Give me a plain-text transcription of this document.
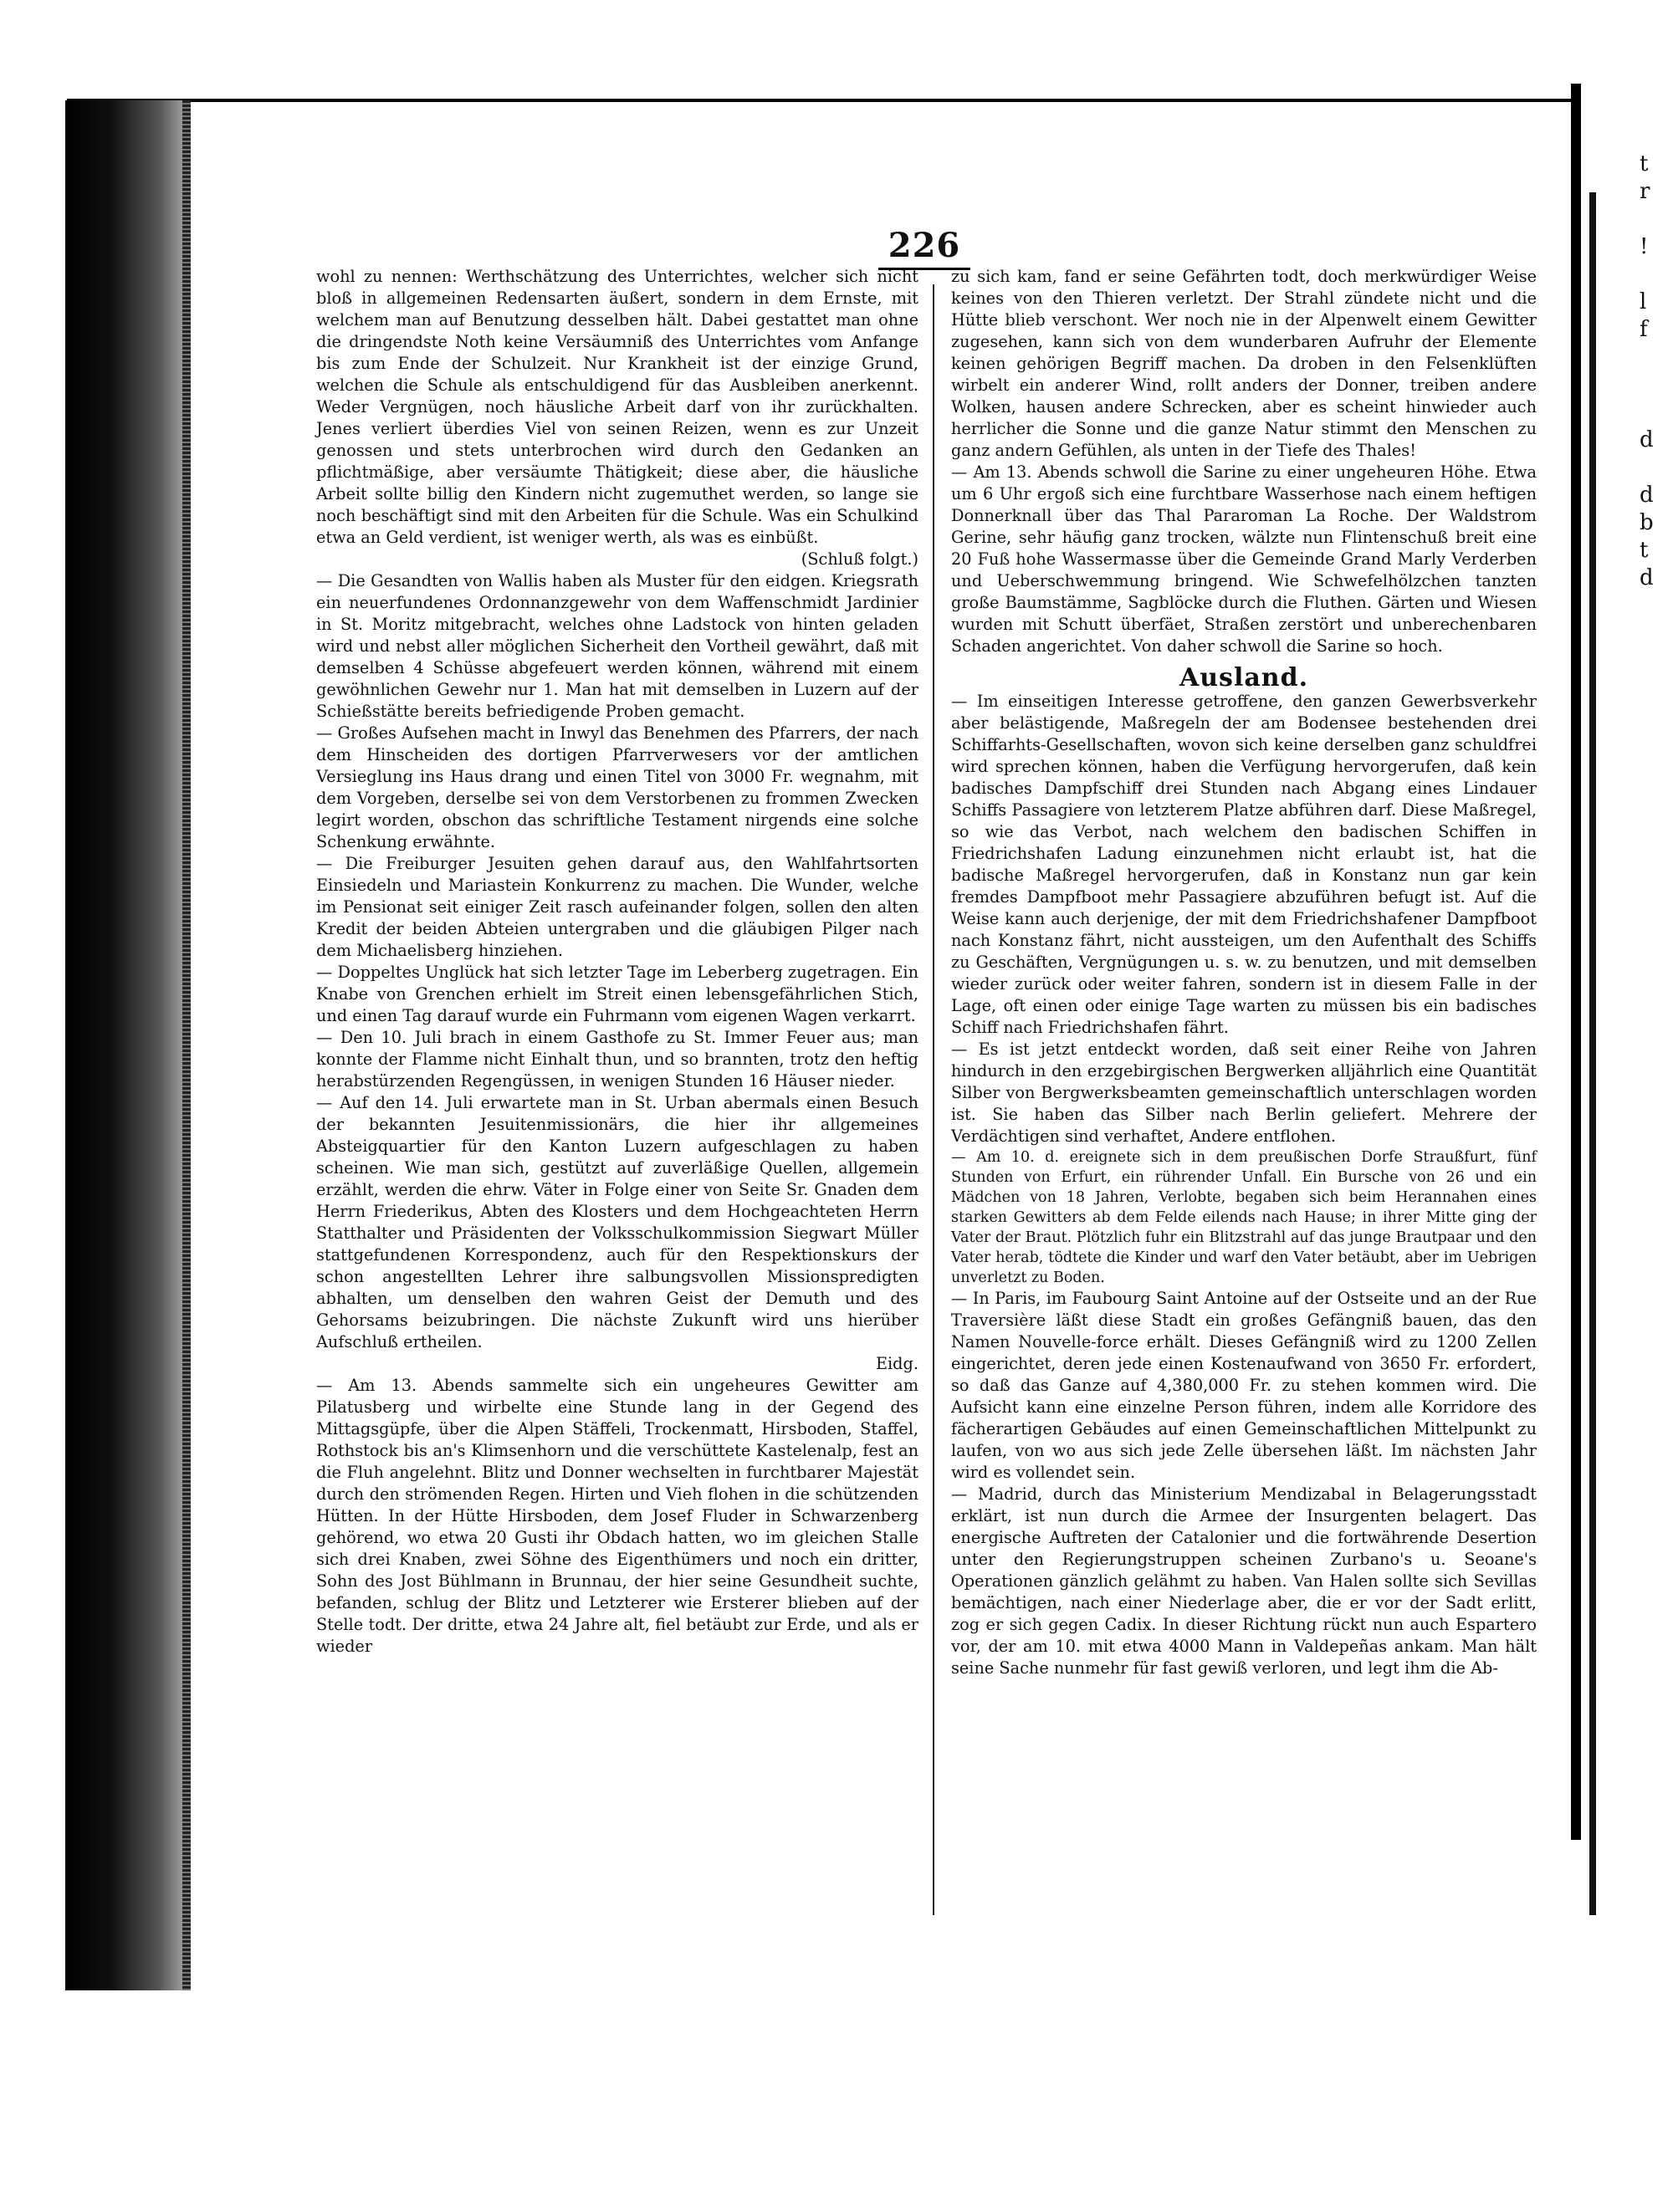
t
r

!

l
f

d

d
b
t
d
226

wohl zu nennen: Werthschätzung des Unterrichtes, welcher sich nicht bloß in allgemeinen Redensarten äußert, sondern in dem Ernste, mit welchem man auf Benutzung desselben hält. Dabei gestattet man ohne die dringendste Noth keine Versäumniß des Unterrichtes vom Anfange bis zum Ende der Schulzeit. Nur Krankheit ist der einzige Grund, welchen die Schule als entschuldigend für das Ausbleiben anerkennt. Weder Vergnügen, noch häusliche Arbeit darf von ihr zurückhalten. Jenes verliert überdies Viel von seinen Reizen, wenn es zur Unzeit genossen und stets unterbrochen wird durch den Gedanken an pflichtmäßige, aber versäumte Thätigkeit; diese aber, die häusliche Arbeit sollte billig den Kindern nicht zugemuthet werden, so lange sie noch beschäftigt sind mit den Arbeiten für die Schule. Was ein Schulkind etwa an Geld verdient, ist weniger werth, als was es einbüßt.

(Schluß folgt.)

— Die Gesandten von Wallis haben als Muster für den eidgen. Kriegsrath ein neuerfundenes Ordonnanzgewehr von dem Waffenschmidt Jardinier in St. Moritz mitgebracht, welches ohne Ladstock von hinten geladen wird und nebst aller möglichen Sicherheit den Vortheil gewährt, daß mit demselben 4 Schüsse abgefeuert werden können, während mit einem gewöhnlichen Gewehr nur 1. Man hat mit demselben in Luzern auf der Schießstätte bereits befriedigende Proben gemacht.

— Großes Aufsehen macht in Inwyl das Benehmen des Pfarrers, der nach dem Hinscheiden des dortigen Pfarrverwesers vor der amtlichen Versieglung ins Haus drang und einen Titel von 3000 Fr. wegnahm, mit dem Vorgeben, derselbe sei von dem Verstorbenen zu frommen Zwecken legirt worden, obschon das schriftliche Testament nirgends eine solche Schenkung erwähnte.

— Die Freiburger Jesuiten gehen darauf aus, den Wahlfahrtsorten Einsiedeln und Mariastein Konkurrenz zu machen. Die Wunder, welche im Pensionat seit einiger Zeit rasch aufeinander folgen, sollen den alten Kredit der beiden Abteien untergraben und die gläubigen Pilger nach dem Michaelisberg hinziehen.

— Doppeltes Unglück hat sich letzter Tage im Leberberg zugetragen. Ein Knabe von Grenchen erhielt im Streit einen lebensgefährlichen Stich, und einen Tag darauf wurde ein Fuhrmann vom eigenen Wagen verkarrt.

— Den 10. Juli brach in einem Gasthofe zu St. Immer Feuer aus; man konnte der Flamme nicht Einhalt thun, und so brannten, trotz den heftig herabstürzenden Regengüssen, in wenigen Stunden 16 Häuser nieder.

— Auf den 14. Juli erwartete man in St. Urban abermals einen Besuch der bekannten Jesuitenmissionärs, die hier ihr allgemeines Absteigquartier für den Kanton Luzern aufgeschlagen zu haben scheinen. Wie man sich, gestützt auf zuverläßige Quellen, allgemein erzählt, werden die ehrw. Väter in Folge einer von Seite Sr. Gnaden dem Herrn Friederikus, Abten des Klosters und dem Hochgeachteten Herrn Statthalter und Präsidenten der Volksschulkommission Siegwart Müller stattgefundenen Korrespondenz, auch für den Respektionskurs der schon angestellten Lehrer ihre salbungsvollen Missionspredigten abhalten, um denselben den wahren Geist der Demuth und des Gehorsams beizubringen. Die nächste Zukunft wird uns hierüber Aufschluß ertheilen.

Eidg.

— Am 13. Abends sammelte sich ein ungeheures Gewitter am Pilatusberg und wirbelte eine Stunde lang in der Gegend des Mittagsgüpfe, über die Alpen Stäffeli, Trockenmatt, Hirsboden, Staffel, Rothstock bis an's Klimsenhorn und die verschüttete Kastelenalp, fest an die Fluh angelehnt. Blitz und Donner wechselten in furchtbarer Majestät durch den strömenden Regen. Hirten und Vieh flohen in die schützenden Hütten. In der Hütte Hirsboden, dem Josef Fluder in Schwarzenberg gehörend, wo etwa 20 Gusti ihr Obdach hatten, wo im gleichen Stalle sich drei Knaben, zwei Söhne des Eigenthümers und noch ein dritter, Sohn des Jost Bühlmann in Brunnau, der hier seine Gesundheit suchte, befanden, schlug der Blitz und Letzterer wie Ersterer blieben auf der Stelle todt. Der dritte, etwa 24 Jahre alt, fiel betäubt zur Erde, und als er wieder

zu sich kam, fand er seine Gefährten todt, doch merkwürdiger Weise keines von den Thieren verletzt. Der Strahl zündete nicht und die Hütte blieb verschont. Wer noch nie in der Alpenwelt einem Gewitter zugesehen, kann sich von dem wunderbaren Aufruhr der Elemente keinen gehörigen Begriff machen. Da droben in den Felsenklüften wirbelt ein anderer Wind, rollt anders der Donner, treiben andere Wolken, hausen andere Schrecken, aber es scheint hinwieder auch herrlicher die Sonne und die ganze Natur stimmt den Menschen zu ganz andern Gefühlen, als unten in der Tiefe des Thales!

— Am 13. Abends schwoll die Sarine zu einer ungeheuren Höhe. Etwa um 6 Uhr ergoß sich eine furchtbare Wasserhose nach einem heftigen Donnerknall über das Thal Pararoman La Roche. Der Waldstrom Gerine, sehr häufig ganz trocken, wälzte nun Flintenschuß breit eine 20 Fuß hohe Wassermasse über die Gemeinde Grand Marly Verderben und Ueberschwemmung bringend. Wie Schwefelhölzchen tanzten große Baumstämme, Sagblöcke durch die Fluthen. Gärten und Wiesen wurden mit Schutt überfäet, Straßen zerstört und unberechenbaren Schaden angerichtet. Von daher schwoll die Sarine so hoch.

Ausland.

— Im einseitigen Interesse getroffene, den ganzen Gewerbsverkehr aber belästigende, Maßregeln der am Bodensee bestehenden drei Schiffarhts-Gesellschaften, wovon sich keine derselben ganz schuldfrei wird sprechen können, haben die Verfügung hervorgerufen, daß kein badisches Dampfschiff drei Stunden nach Abgang eines Lindauer Schiffs Passagiere von letzterem Platze abführen darf. Diese Maßregel, so wie das Verbot, nach welchem den badischen Schiffen in Friedrichshafen Ladung einzunehmen nicht erlaubt ist, hat die badische Maßregel hervorgerufen, daß in Konstanz nun gar kein fremdes Dampfboot mehr Passagiere abzuführen befugt ist. Auf die Weise kann auch derjenige, der mit dem Friedrichshafener Dampfboot nach Konstanz fährt, nicht aussteigen, um den Aufenthalt des Schiffs zu Geschäften, Vergnügungen u. s. w. zu benutzen, und mit demselben wieder zurück oder weiter fahren, sondern ist in diesem Falle in der Lage, oft einen oder einige Tage warten zu müssen bis ein badisches Schiff nach Friedrichshafen fährt.

— Es ist jetzt entdeckt worden, daß seit einer Reihe von Jahren hindurch in den erzgebirgischen Bergwerken alljährlich eine Quantität Silber von Bergwerksbeamten gemeinschaftlich unterschlagen worden ist. Sie haben das Silber nach Berlin geliefert. Mehrere der Verdächtigen sind verhaftet, Andere entflohen.

— Am 10. d. ereignete sich in dem preußischen Dorfe Straußfurt, fünf Stunden von Erfurt, ein rührender Unfall. Ein Bursche von 26 und ein Mädchen von 18 Jahren, Verlobte, begaben sich beim Herannahen eines starken Gewitters ab dem Felde eilends nach Hause; in ihrer Mitte ging der Vater der Braut. Plötzlich fuhr ein Blitzstrahl auf das junge Brautpaar und den Vater herab, tödtete die Kinder und warf den Vater betäubt, aber im Uebrigen unverletzt zu Boden.

— In Paris, im Faubourg Saint Antoine auf der Ostseite und an der Rue Traversière läßt diese Stadt ein großes Gefängniß bauen, das den Namen Nouvelle-force erhält. Dieses Gefängniß wird zu 1200 Zellen eingerichtet, deren jede einen Kostenaufwand von 3650 Fr. erfordert, so daß das Ganze auf 4,380,000 Fr. zu stehen kommen wird. Die Aufsicht kann eine einzelne Person führen, indem alle Korridore des fächerartigen Gebäudes auf einen Gemeinschaftlichen Mittelpunkt zu laufen, von wo aus sich jede Zelle übersehen läßt. Im nächsten Jahr wird es vollendet sein.

— Madrid, durch das Ministerium Mendizabal in Belagerungsstadt erklärt, ist nun durch die Armee der Insurgenten belagert. Das energische Auftreten der Catalonier und die fortwährende Desertion unter den Regierungstruppen scheinen Zurbano's u. Seoane's Operationen gänzlich gelähmt zu haben. Van Halen sollte sich Sevillas bemächtigen, nach einer Niederlage aber, die er vor der Sadt erlitt, zog er sich gegen Cadix. In dieser Richtung rückt nun auch Espartero vor, der am 10. mit etwa 4000 Mann in Valdepeñas ankam. Man hält seine Sache nunmehr für fast gewiß verloren, und legt ihm die Ab-
